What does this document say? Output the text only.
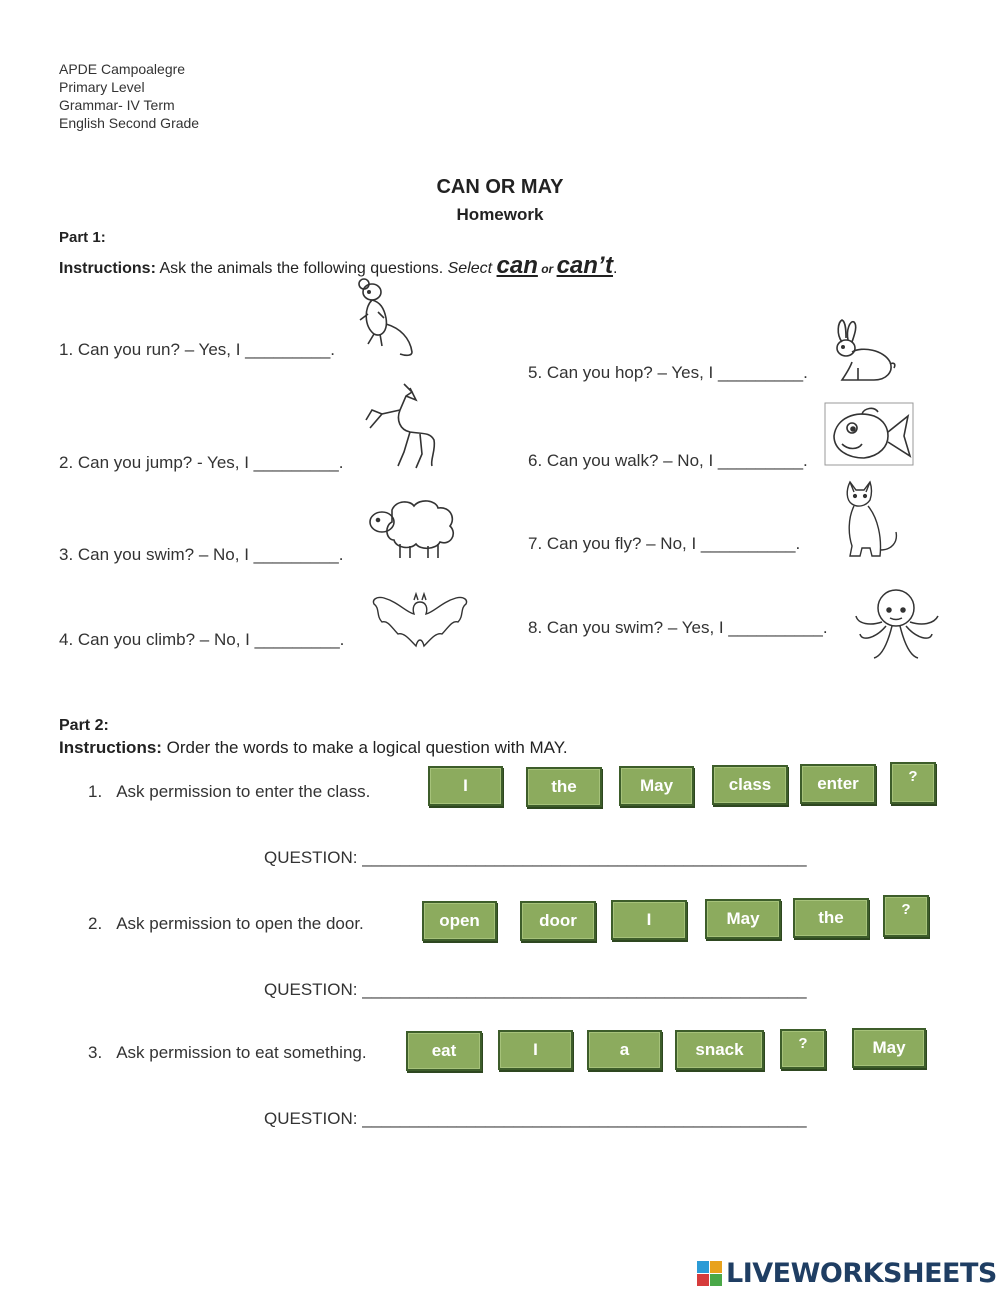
APDE Campoalegre
Primary Level
Grammar- IV Term
English Second Grade
CAN OR MAY
Homework
Part 1:
Instructions: Ask the animals the following questions. Select can or can’t.
1. Can you run? – Yes, I _________.
2. Can you jump? - Yes, I _________.
3. Can you swim? – No, I _________.
4. Can you climb? – No, I _________.
5. Can you hop? – Yes, I _________.
6. Can you walk? – No, I _________.
7. Can you fly? – No, I __________.
8. Can you swim? – Yes, I __________.
Part 2:
Instructions: Order the words to make a logical question with MAY.
1. Ask permission to enter the class.	I	the	May	class	enter	?
QUESTION: _______________________________________________
2. Ask permission to open the door.	open	door	I	May	the	?
QUESTION: _______________________________________________
3. Ask permission to eat something.	eat	I	a	snack	?	May
QUESTION: _______________________________________________
LIVEWORKSHEETS
